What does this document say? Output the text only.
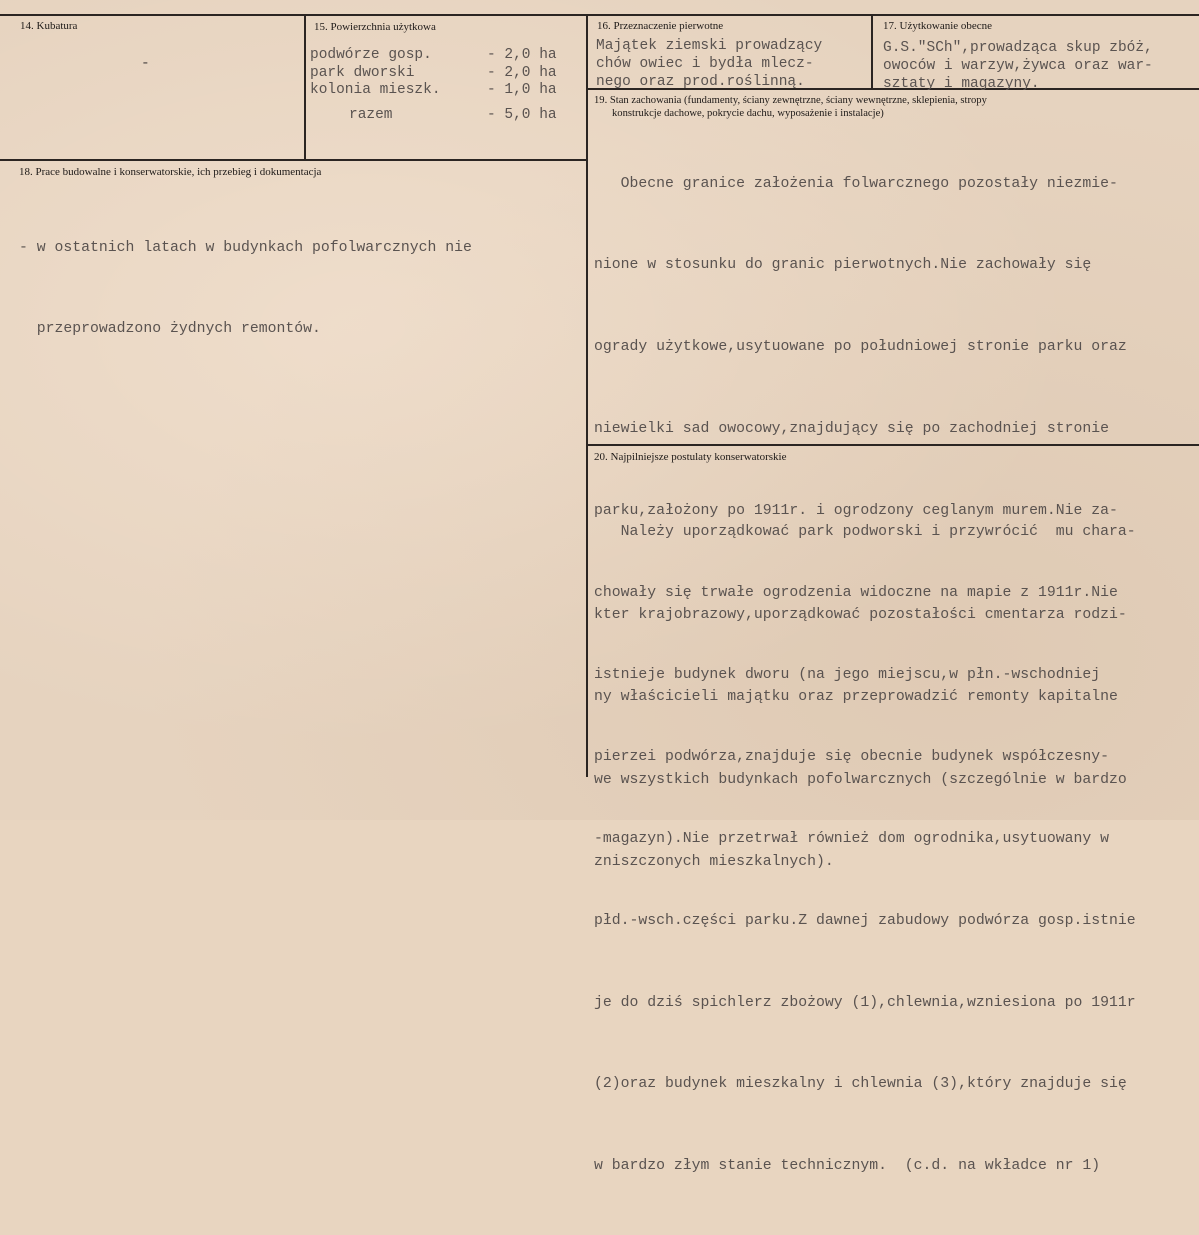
14. Kubatura
-
15. Powierzchnia użytkowa
podwórze gosp.	- 2,0 ha
park dworski	- 2,0 ha
kolonia mieszk.	- 1,0 ha
razem	- 5,0 ha
16. Przeznaczenie pierwotne
Majątek ziemski prowadzący
chów owiec i bydła mlecz-
nego oraz prod.roślinną.
17. Użytkowanie obecne
G.S."SCh",prowadząca skup zbóż,
owoców i warzyw,żywca oraz war-
sztaty i magazyny.
18. Prace budowalne i konserwatorskie, ich przebieg i dokumentacja

- w ostatnich latach w budynkach pofolwarcznych nie

przeprowadzono żydnych remontów.

19. Stan zachowania (fundamenty, ściany zewnętrzne, ściany wewnętrzne, sklepienia, stropy
konstrukcje dachowe, pokrycie dachu, wyposażenie i instalacje)

Obecne granice założenia folwarcznego pozostały niezmie-

nione w stosunku do granic pierwotnych.Nie zachowały się

ogrady użytkowe,usytuowane po południowej stronie parku oraz

niewielki sad owocowy,znajdujący się po zachodniej stronie

parku,założony po 1911r. i ogrodzony ceglanym murem.Nie za-

chowały się trwałe ogrodzenia widoczne na mapie z 1911r.Nie

istnieje budynek dworu (na jego miejscu,w płn.-wschodniej

pierzei podwórza,znajduje się obecnie budynek współczesny-

-magazyn).Nie przetrwał również dom ogrodnika,usytuowany w

płd.-wsch.części parku.Z dawnej zabudowy podwórza gosp.istnie

je do dziś spichlerz zbożowy (1),chlewnia,wzniesiona po 1911r

(2)oraz budynek mieszkalny i chlewnia (3),który znajduje się

w bardzo złym stanie technicznym.  (c.d. na wkładce nr 1)

20. Najpilniejsze postulaty konserwatorskie

Należy uporządkować park podworski i przywrócić  mu chara-

kter krajobrazowy,uporządkować pozostałości cmentarza rodzi-

ny właścicieli majątku oraz przeprowadzić remonty kapitalne

we wszystkich budynkach pofolwarcznych (szczególnie w bardzo

zniszczonych mieszkalnych).
